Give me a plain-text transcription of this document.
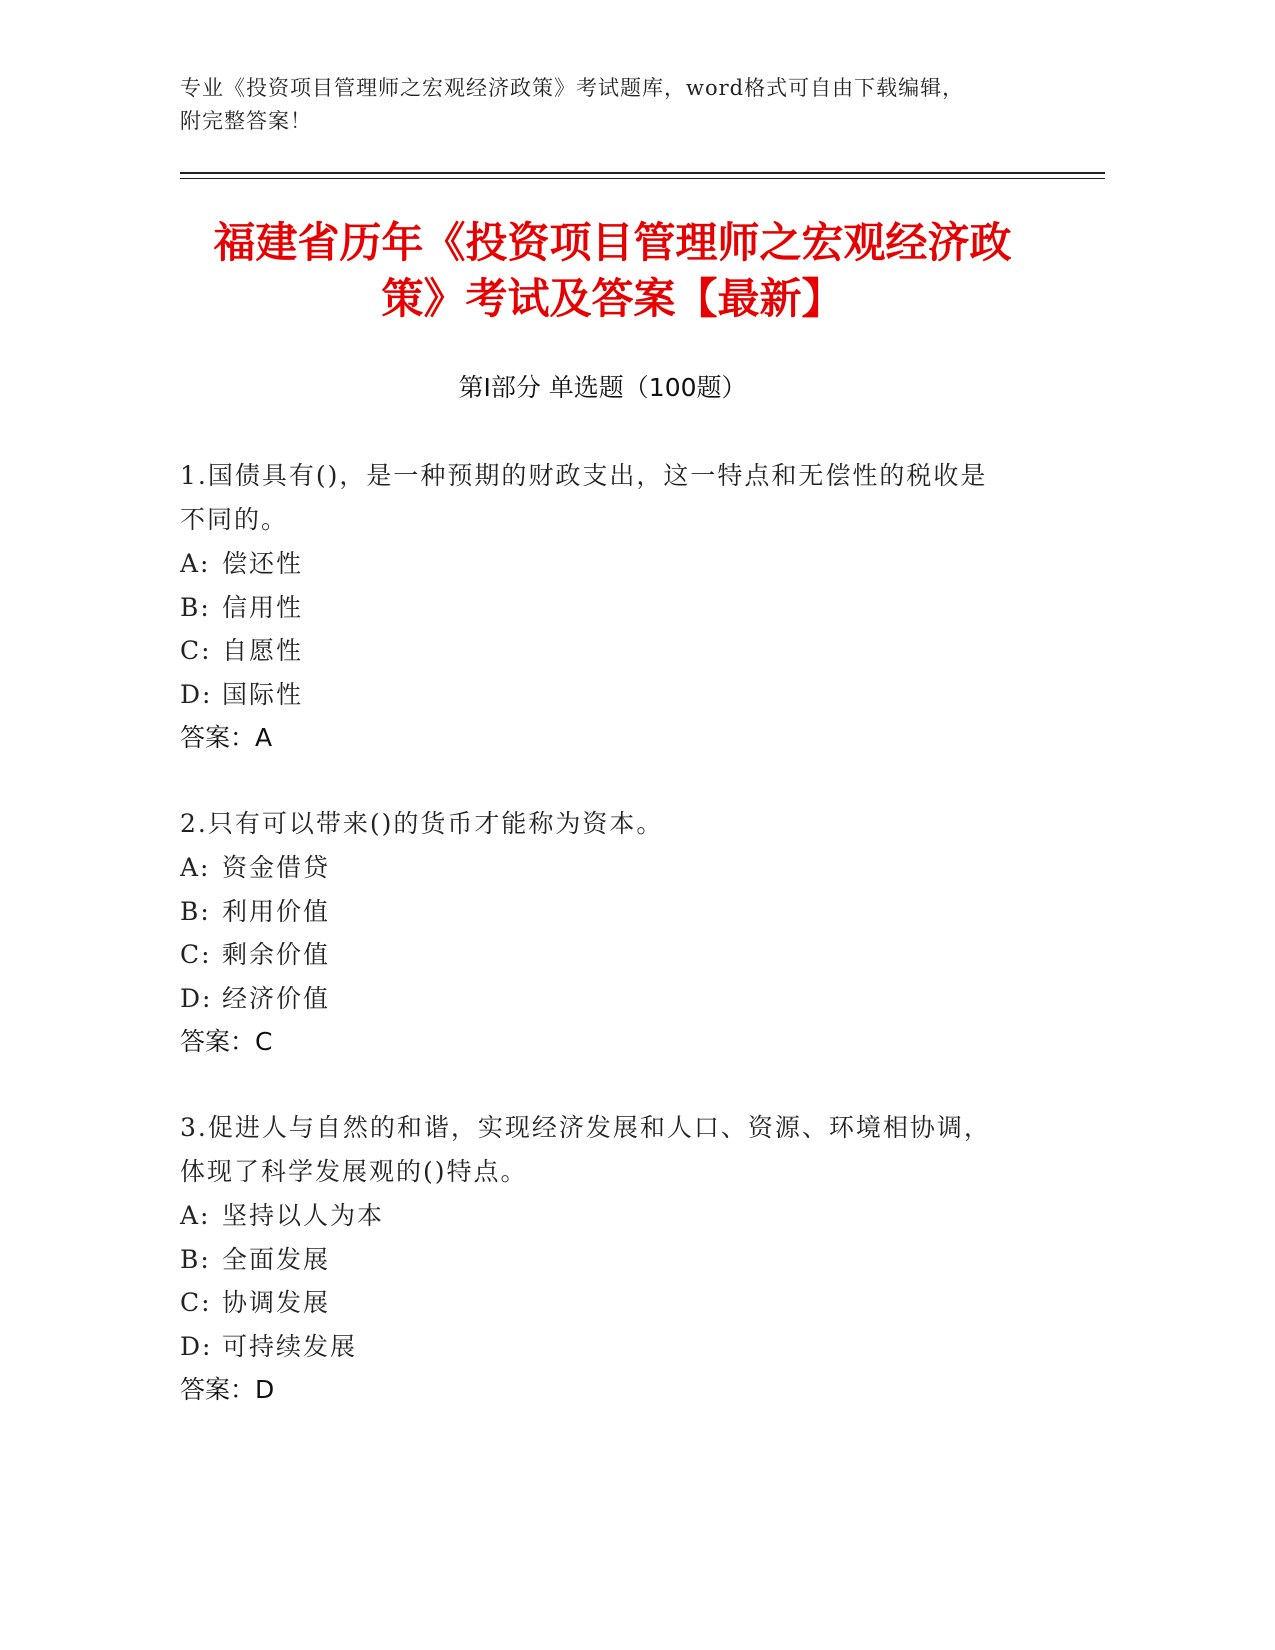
专业《投资项目管理师之宏观经济政策》考试题库，word格式可自由下载编辑，
附完整答案！
福建省历年《投资项目管理师之宏观经济政
策》考试及答案【最新】
第Ⅰ部分 单选题（100题）
1.国债具有()，是一种预期的财政支出，这一特点和无偿性的税收是
不同的。
A: 偿还性
B: 信用性
C: 自愿性
D: 国际性
答案：A
2.只有可以带来()的货币才能称为资本。
A: 资金借贷
B: 利用价值
C: 剩余价值
D: 经济价值
答案：C
3.促进人与自然的和谐，实现经济发展和人口、资源、环境相协调，
体现了科学发展观的()特点。
A: 坚持以人为本
B: 全面发展
C: 协调发展
D: 可持续发展
答案：D
